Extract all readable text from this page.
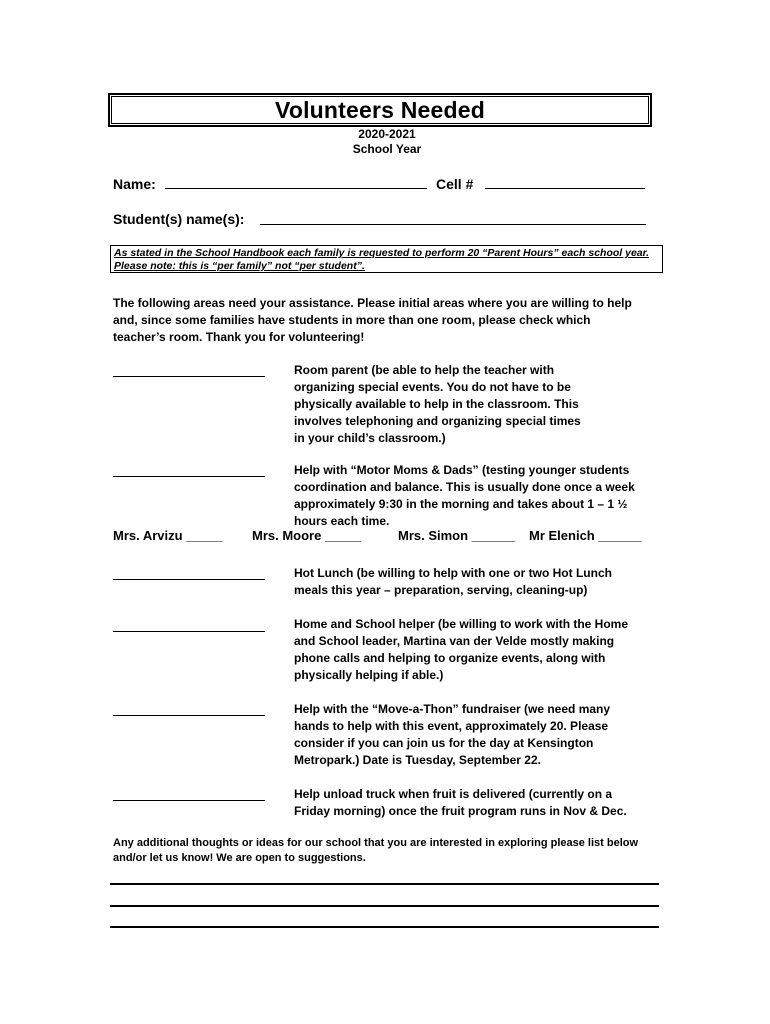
Volunteers Needed
2020-2021
School Year
Name:	Cell #
Student(s) name(s):
As stated in the School Handbook each family is requested to perform 20 “Parent Hours” each school year. Please note: this is “per family” not “per student”.
The following areas need your assistance. Please initial areas where you are willing to help and, since some families have students in more than one room, please check which teacher’s room. Thank you for volunteering!
Room parent (be able to help the teacher with organizing special events. You do not have to be physically available to help in the classroom. This involves telephoning and organizing special times in your child’s classroom.)
Help with “Motor Moms & Dads” (testing younger students coordination and balance. This is usually done once a week approximately 9:30 in the morning and takes about 1 – 1 ½ hours each time.
Mrs. Arvizu _____ Mrs. Moore _____	Mrs. Simon ______ Mr Elenich ______
Hot Lunch (be willing to help with one or two Hot Lunch meals this year – preparation, serving, cleaning-up)
Home and School helper (be willing to work with the Home and School leader, Martina van der Velde mostly making phone calls and helping to organize events, along with physically helping if able.)
Help with the “Move-a-Thon” fundraiser (we need many hands to help with this event, approximately 20. Please consider if you can join us for the day at Kensington Metropark.) Date is Tuesday, September 22.
Help unload truck when fruit is delivered (currently on a Friday morning) once the fruit program runs in Nov & Dec.
Any additional thoughts or ideas for our school that you are interested in exploring please list below and/or let us know! We are open to suggestions.
